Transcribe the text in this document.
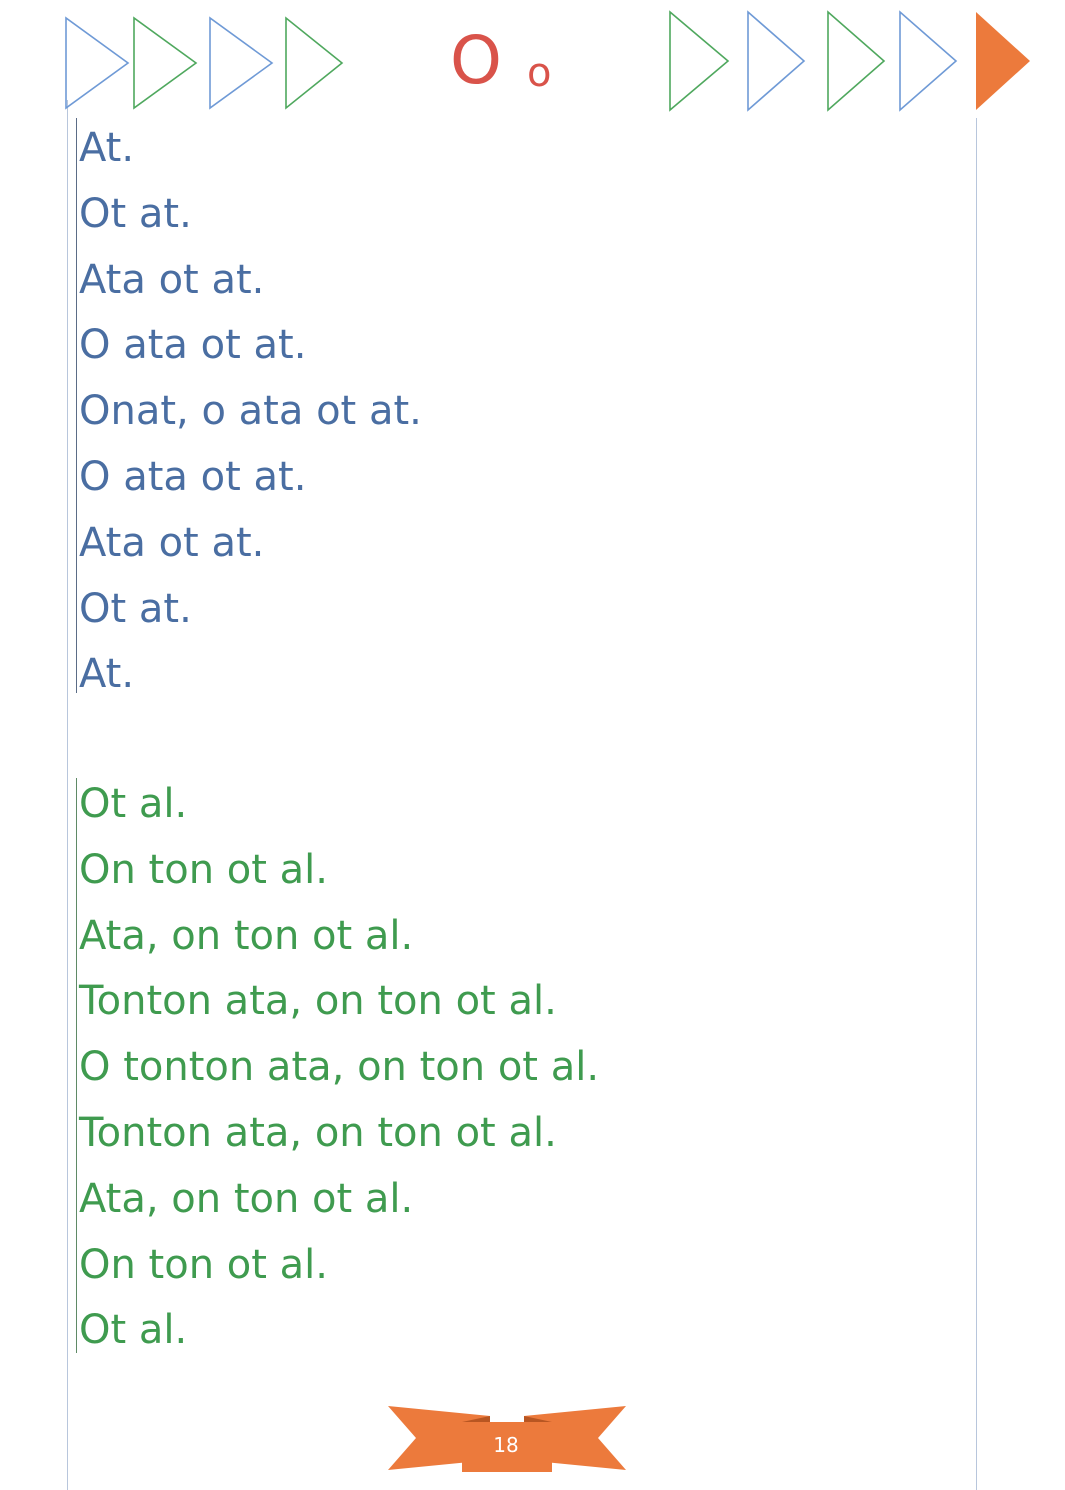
O o
At.
Ot at.
Ata ot at.
O ata ot at.
Onat, o ata ot at.
O ata ot at.
Ata ot at.
Ot at.
At.
Ot al.
On ton ot al.
Ata, on ton ot al.
Tonton ata, on ton ot al.
O tonton ata, on ton ot al.
Tonton ata, on ton ot al.
Ata, on ton ot al.
On ton ot al.
Ot al.
18
